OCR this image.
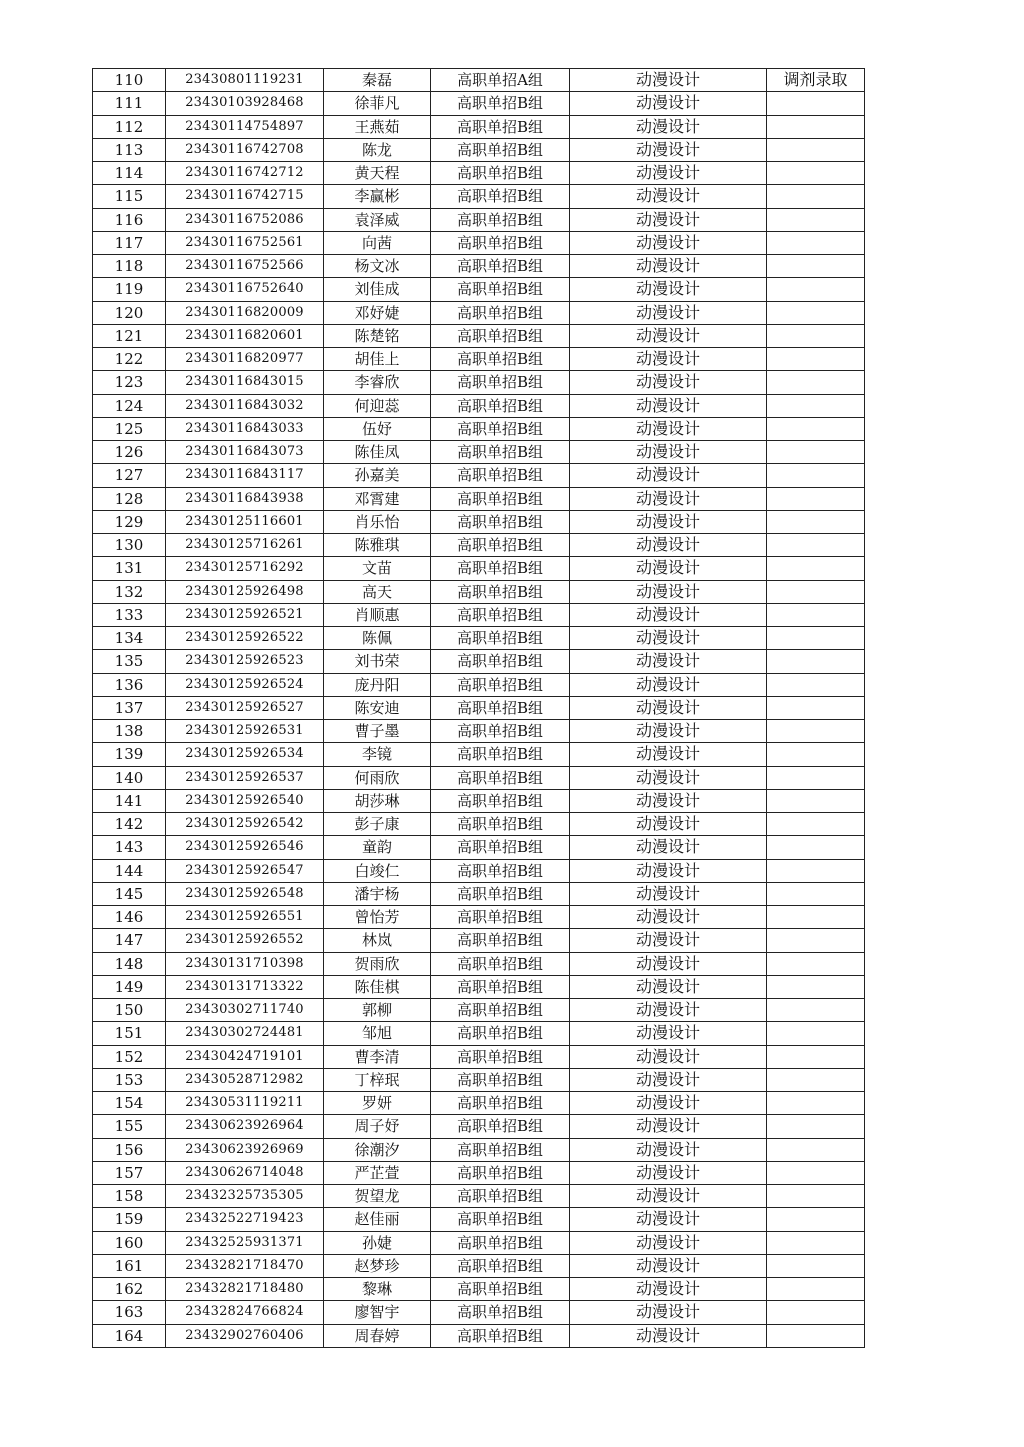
110	23430801119231	秦磊	高职单招A组	动漫设计	调剂录取
111	23430103928468	徐菲凡	高职单招B组	动漫设计	
112	23430114754897	王燕茹	高职单招B组	动漫设计	
113	23430116742708	陈龙	高职单招B组	动漫设计	
114	23430116742712	黄天程	高职单招B组	动漫设计	
115	23430116742715	李赢彬	高职单招B组	动漫设计	
116	23430116752086	袁泽威	高职单招B组	动漫设计	
117	23430116752561	向茜	高职单招B组	动漫设计	
118	23430116752566	杨文冰	高职单招B组	动漫设计	
119	23430116752640	刘佳成	高职单招B组	动漫设计	
120	23430116820009	邓妤婕	高职单招B组	动漫设计	
121	23430116820601	陈楚铭	高职单招B组	动漫设计	
122	23430116820977	胡佳上	高职单招B组	动漫设计	
123	23430116843015	李睿欣	高职单招B组	动漫设计	
124	23430116843032	何迎蕊	高职单招B组	动漫设计	
125	23430116843033	伍妤	高职单招B组	动漫设计	
126	23430116843073	陈佳凤	高职单招B组	动漫设计	
127	23430116843117	孙嘉美	高职单招B组	动漫设计	
128	23430116843938	邓霄建	高职单招B组	动漫设计	
129	23430125116601	肖乐怡	高职单招B组	动漫设计	
130	23430125716261	陈雅琪	高职单招B组	动漫设计	
131	23430125716292	文苗	高职单招B组	动漫设计	
132	23430125926498	高天	高职单招B组	动漫设计	
133	23430125926521	肖顺惠	高职单招B组	动漫设计	
134	23430125926522	陈佩	高职单招B组	动漫设计	
135	23430125926523	刘书荣	高职单招B组	动漫设计	
136	23430125926524	庞丹阳	高职单招B组	动漫设计	
137	23430125926527	陈安迪	高职单招B组	动漫设计	
138	23430125926531	曹子墨	高职单招B组	动漫设计	
139	23430125926534	李镜	高职单招B组	动漫设计	
140	23430125926537	何雨欣	高职单招B组	动漫设计	
141	23430125926540	胡莎琳	高职单招B组	动漫设计	
142	23430125926542	彭子康	高职单招B组	动漫设计	
143	23430125926546	童韵	高职单招B组	动漫设计	
144	23430125926547	白竣仁	高职单招B组	动漫设计	
145	23430125926548	潘宇杨	高职单招B组	动漫设计	
146	23430125926551	曾怡芳	高职单招B组	动漫设计	
147	23430125926552	林岚	高职单招B组	动漫设计	
148	23430131710398	贺雨欣	高职单招B组	动漫设计	
149	23430131713322	陈佳棋	高职单招B组	动漫设计	
150	23430302711740	郭柳	高职单招B组	动漫设计	
151	23430302724481	邹旭	高职单招B组	动漫设计	
152	23430424719101	曹李清	高职单招B组	动漫设计	
153	23430528712982	丁梓珉	高职单招B组	动漫设计	
154	23430531119211	罗妍	高职单招B组	动漫设计	
155	23430623926964	周子妤	高职单招B组	动漫设计	
156	23430623926969	徐潮汐	高职单招B组	动漫设计	
157	23430626714048	严芷萱	高职单招B组	动漫设计	
158	23432325735305	贺望龙	高职单招B组	动漫设计	
159	23432522719423	赵佳丽	高职单招B组	动漫设计	
160	23432525931371	孙婕	高职单招B组	动漫设计	
161	23432821718470	赵梦珍	高职单招B组	动漫设计	
162	23432821718480	黎琳	高职单招B组	动漫设计	
163	23432824766824	廖智宇	高职单招B组	动漫设计	
164	23432902760406	周春婷	高职单招B组	动漫设计	
